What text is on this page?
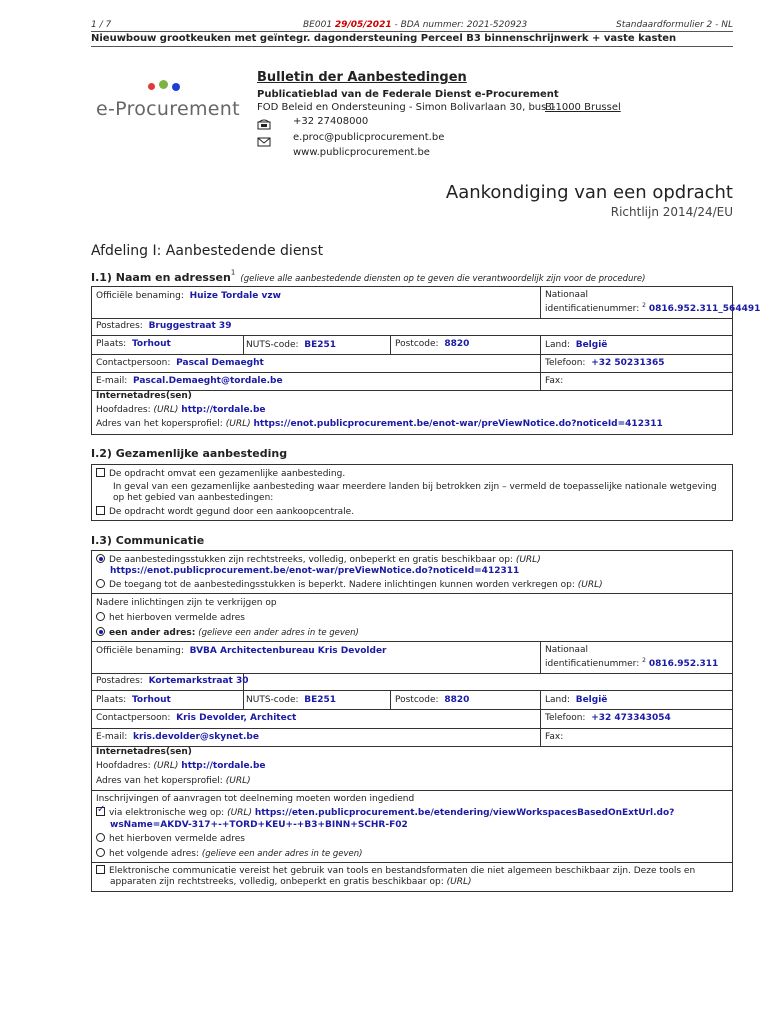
1 / 7	BE001 29/05/2021 - BDA nummer: 2021-520923	Standaardformulier 2 - NL
Nieuwbouw grootkeuken met geïntegr. dagondersteuning Perceel B3 binnenschrijnwerk + vaste kasten
e-Procurement
Bulletin der Aanbestedingen
Publicatieblad van de Federale Dienst e-Procurement
FOD Beleid en Ondersteuning - Simon Bolivarlaan 30, bus 1
B-1000 Brussel
+32 27408000
e.proc@publicprocurement.be
www.publicprocurement.be
Aankondiging van een opdracht
Richtlijn 2014/24/EU
Afdeling I: Aanbestedende dienst
I.1) Naam en adressen$^1$ (gelieve alle aanbestedende diensten op te geven die verantwoordelijk zijn voor de procedure)
Officiële benaming: Huize Tordale vzw	Nationaal
identificatienummer: $^2$ 0816.952.311_564491
Postadres: Bruggestraat 39
Plaats: Torhout	NUTS-code: BE251	Postcode: 8820	Land: België
Contactpersoon: Pascal Demaeght	Telefoon: +32 50231365
E-mail: Pascal.Demaeght@tordale.be	Fax:
Internetadres(sen)
Hoofdadres: (URL) http://tordale.be
Adres van het kopersprofiel: (URL) https://enot.publicprocurement.be/enot-war/preViewNotice.do?noticeId=412311
I.2) Gezamenlijke aanbesteding
De opdracht omvat een gezamenlijke aanbesteding.
In geval van een gezamenlijke aanbesteding waar meerdere landen bij betrokken zijn – vermeld de toepasselijke nationale wetgeving
op het gebied van aanbestedingen:
De opdracht wordt gegund door een aankoopcentrale.
I.3) Communicatie
De aanbestedingsstukken zijn rechtstreeks, volledig, onbeperkt en gratis beschikbaar op: (URL)
https://enot.publicprocurement.be/enot-war/preViewNotice.do?noticeId=412311
De toegang tot de aanbestedingsstukken is beperkt. Nadere inlichtingen kunnen worden verkregen op: (URL)
Nadere inlichtingen zijn te verkrijgen op
het hierboven vermelde adres
een ander adres: (gelieve een ander adres in te geven)
Officiële benaming: BVBA Architectenbureau Kris Devolder	Nationaal
identificatienummer: $^2$ 0816.952.311
Postadres: Kortemarkstraat 30
Plaats: Torhout	NUTS-code: BE251	Postcode: 8820	Land: België
Contactpersoon: Kris Devolder, Architect	Telefoon: +32 473343054
E-mail: kris.devolder@skynet.be	Fax:
Internetadres(sen)
Hoofdadres: (URL) http://tordale.be
Adres van het kopersprofiel: (URL)
Inschrijvingen of aanvragen tot deelneming moeten worden ingediend
✓via elektronische weg op: (URL) https://eten.publicprocurement.be/etendering/viewWorkspacesBasedOnExtUrl.do?
wsName=AKDV-317+-+TORD+KEU+-+B3+BINN+SCHR-F02
het hierboven vermelde adres
het volgende adres: (gelieve een ander adres in te geven)
Elektronische communicatie vereist het gebruik van tools en bestandsformaten die niet algemeen beschikbaar zijn. Deze tools en
apparaten zijn rechtstreeks, volledig, onbeperkt en gratis beschikbaar op: (URL)
